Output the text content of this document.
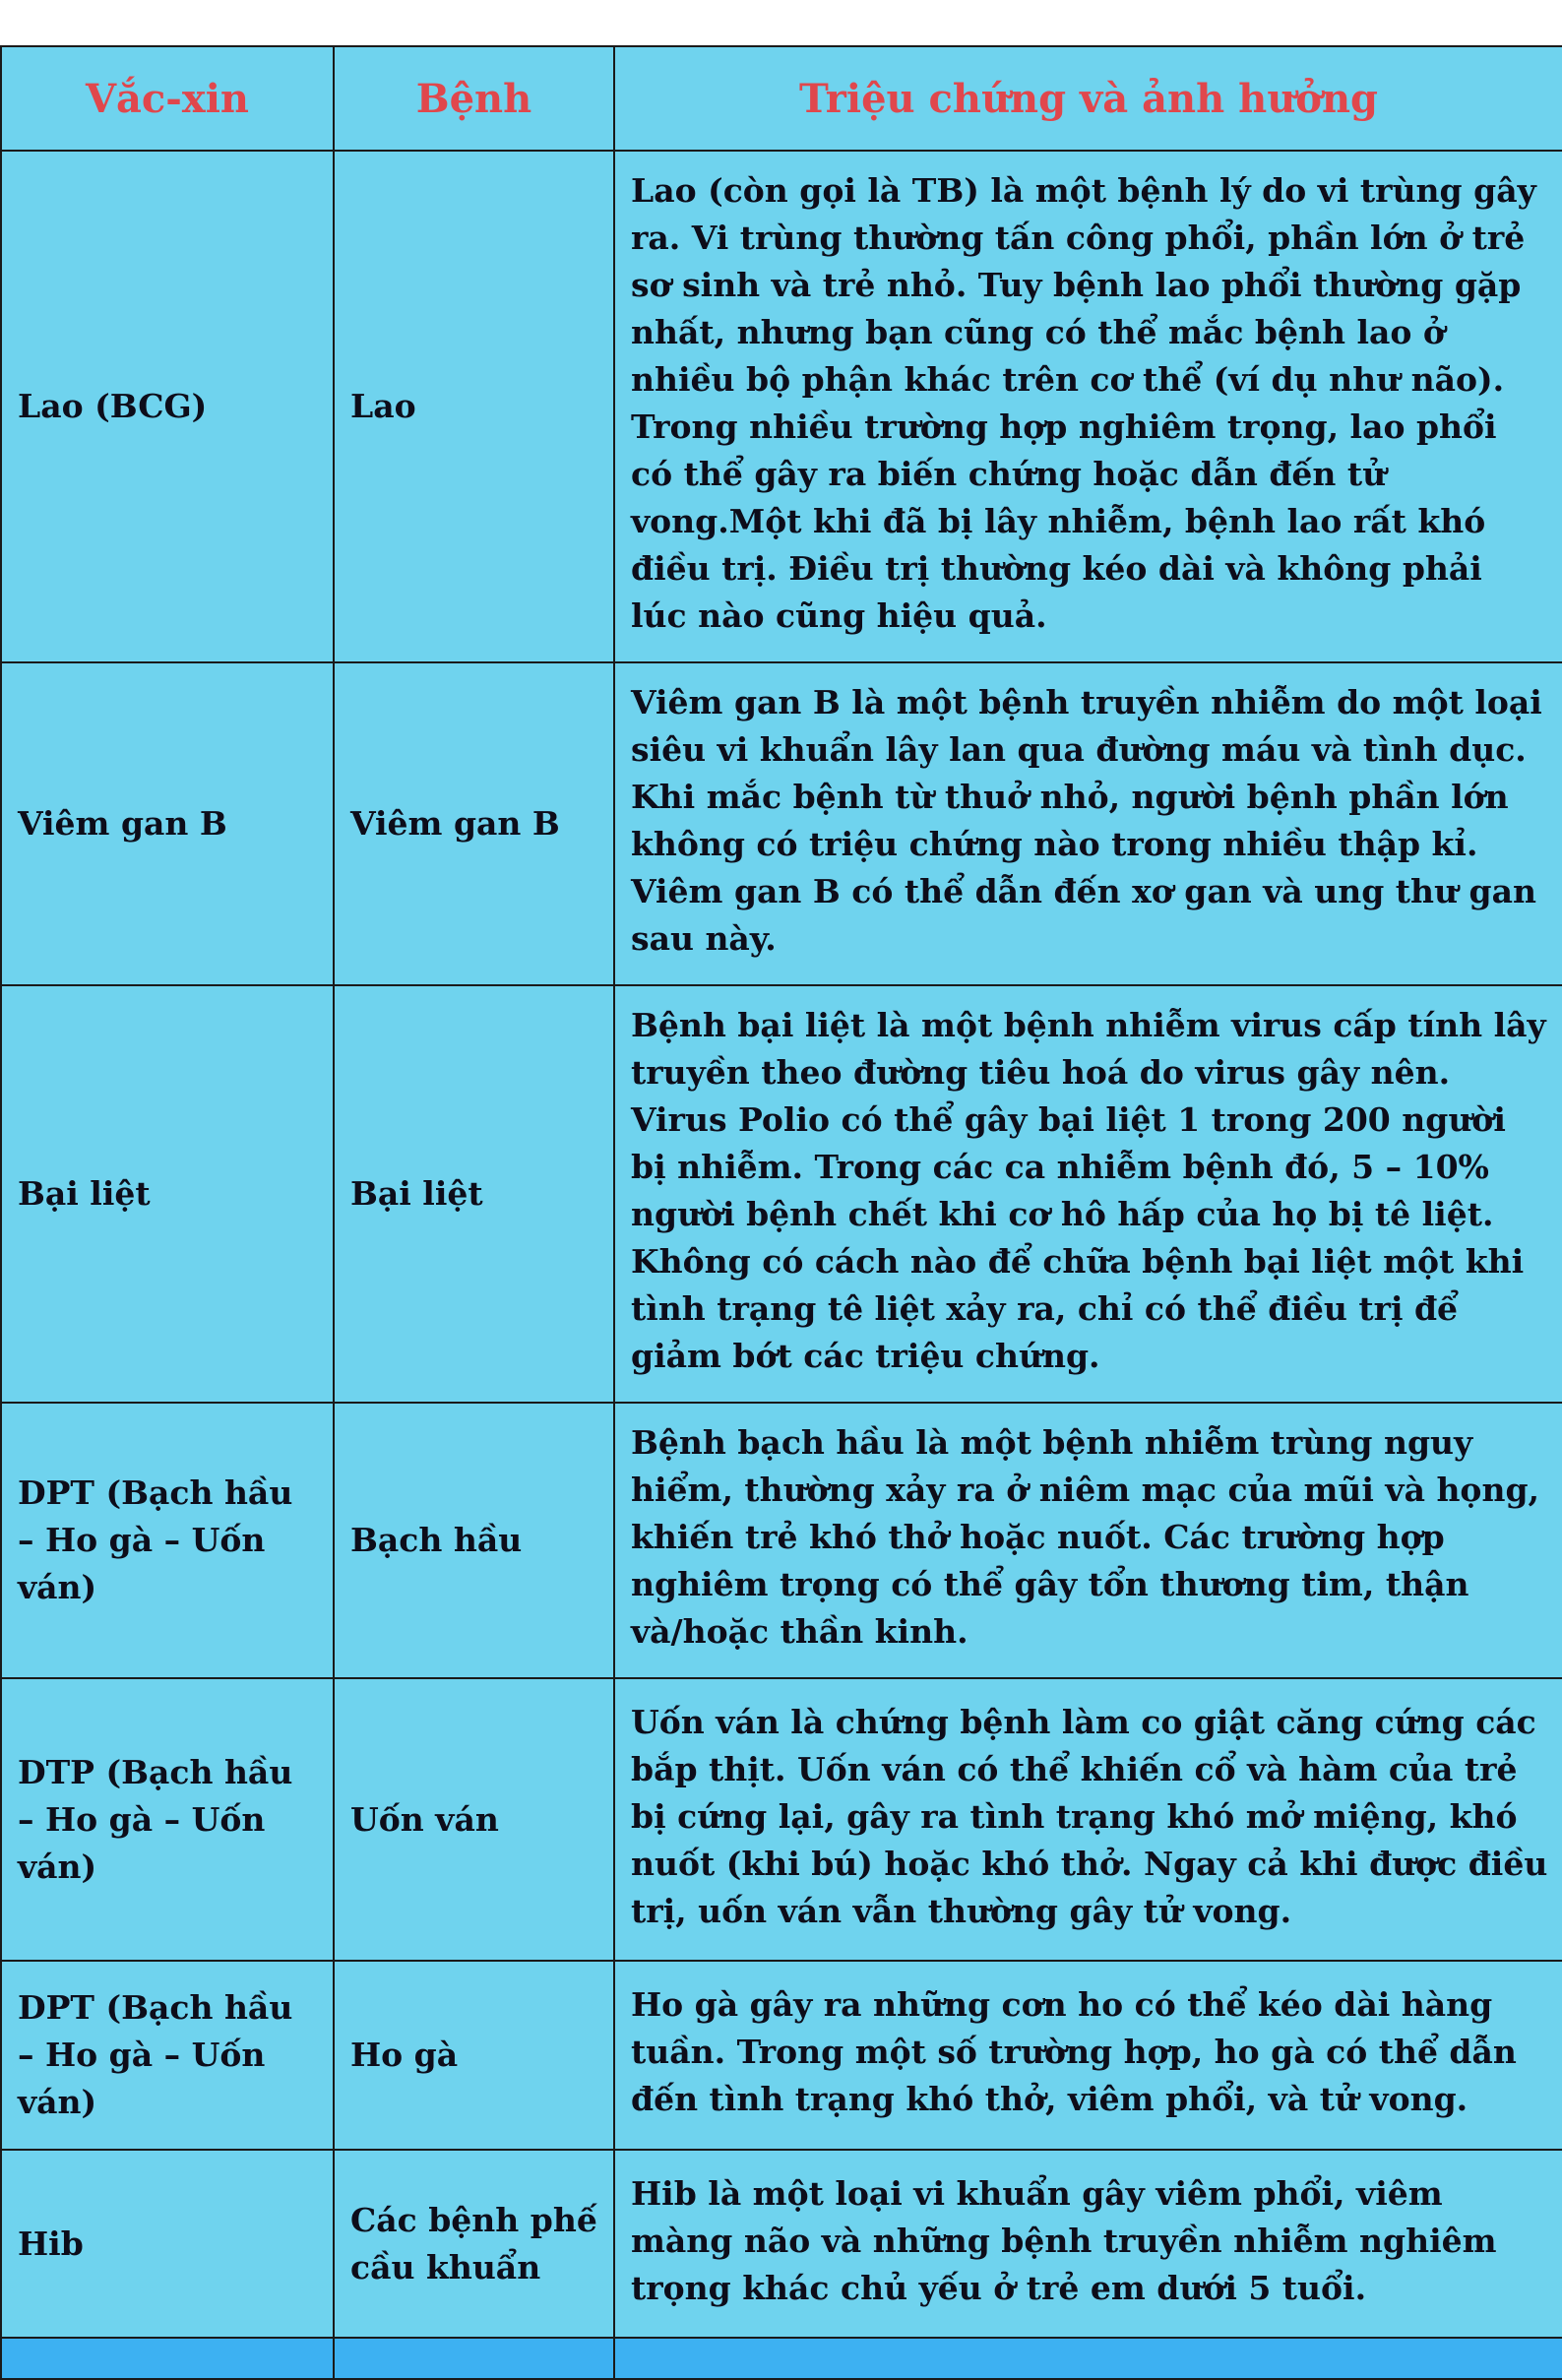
Vắc-xin	Bệnh	Triệu chứng và ảnh hưởng
Lao (BCG)	Lao	Lao (còn gọi là TB) là một bệnh lý do vi trùng gây ra. Vi trùng thường tấn công phổi, phần lớn ở trẻ sơ sinh và trẻ nhỏ. Tuy bệnh lao phổi thường gặp nhất, nhưng bạn cũng có thể mắc bệnh lao ở nhiều bộ phận khác trên cơ thể (ví dụ như não). Trong nhiều trường hợp nghiêm trọng, lao phổi có thể gây ra biến chứng hoặc dẫn đến tử vong.Một khi đã bị lây nhiễm, bệnh lao rất khó điều trị. Điều trị thường kéo dài và không phải lúc nào cũng hiệu quả.
Viêm gan B	Viêm gan B	Viêm gan B là một bệnh truyền nhiễm do một loại siêu vi khuẩn lây lan qua đường máu và tình dục. Khi mắc bệnh từ thuở nhỏ, người bệnh phần lớn không có triệu chứng nào trong nhiều thập kỉ. Viêm gan B có thể dẫn đến xơ gan và ung thư gan sau này.
Bại liệt	Bại liệt	Bệnh bại liệt là một bệnh nhiễm virus cấp tính lây truyền theo đường tiêu hoá do virus gây nên. Virus Polio có thể gây bại liệt 1 trong 200 người bị nhiễm. Trong các ca nhiễm bệnh đó, 5 – 10% người bệnh chết khi cơ hô hấp của họ bị tê liệt. Không có cách nào để chữa bệnh bại liệt một khi tình trạng tê liệt xảy ra, chỉ có thể điều trị để giảm bớt các triệu chứng.
DPT (Bạch hầu – Ho gà – Uốn ván)	Bạch hầu	Bệnh bạch hầu là một bệnh nhiễm trùng nguy hiểm, thường xảy ra ở niêm mạc của mũi và họng, khiến trẻ khó thở hoặc nuốt. Các trường hợp nghiêm trọng có thể gây tổn thương tim, thận và/hoặc thần kinh.
DTP (Bạch hầu – Ho gà – Uốn ván)	Uốn ván	Uốn ván là chứng bệnh làm co giật căng cứng các bắp thịt. Uốn ván có thể khiến cổ và hàm của trẻ bị cứng lại, gây ra tình trạng khó mở miệng, khó nuốt (khi bú) hoặc khó thở. Ngay cả khi được điều trị, uốn ván vẫn thường gây tử vong.
DPT (Bạch hầu – Ho gà – Uốn ván)	Ho gà	Ho gà gây ra những cơn ho có thể kéo dài hàng tuần. Trong một số trường hợp, ho gà có thể dẫn đến tình trạng khó thở, viêm phổi, và tử vong.
Hib	Các bệnh phế cầu khuẩn	Hib là một loại vi khuẩn gây viêm phổi, viêm màng não và những bệnh truyền nhiễm nghiêm trọng khác chủ yếu ở trẻ em dưới 5 tuổi.
